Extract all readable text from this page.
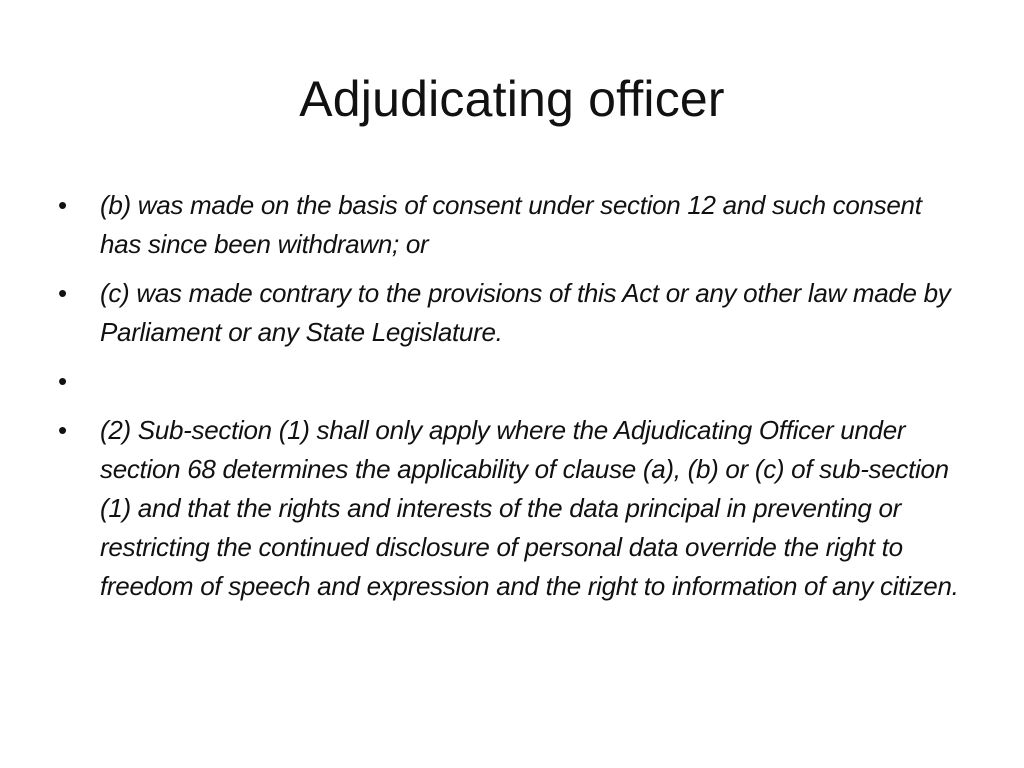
Adjudicating officer
• (b) was made on the basis of consent under section 12 and such consent has since been withdrawn; or
• (c) was made contrary to the provisions of this Act or any other law made by Parliament or any State Legislature.
•
• (2) Sub-section (1) shall only apply where the Adjudicating Officer under section 68 determines the applicability of clause (a), (b) or (c) of sub-section (1) and that the rights and interests of the data principal in preventing or restricting the continued disclosure of personal data override the right to freedom of speech and expression and the right to information of any citizen.
